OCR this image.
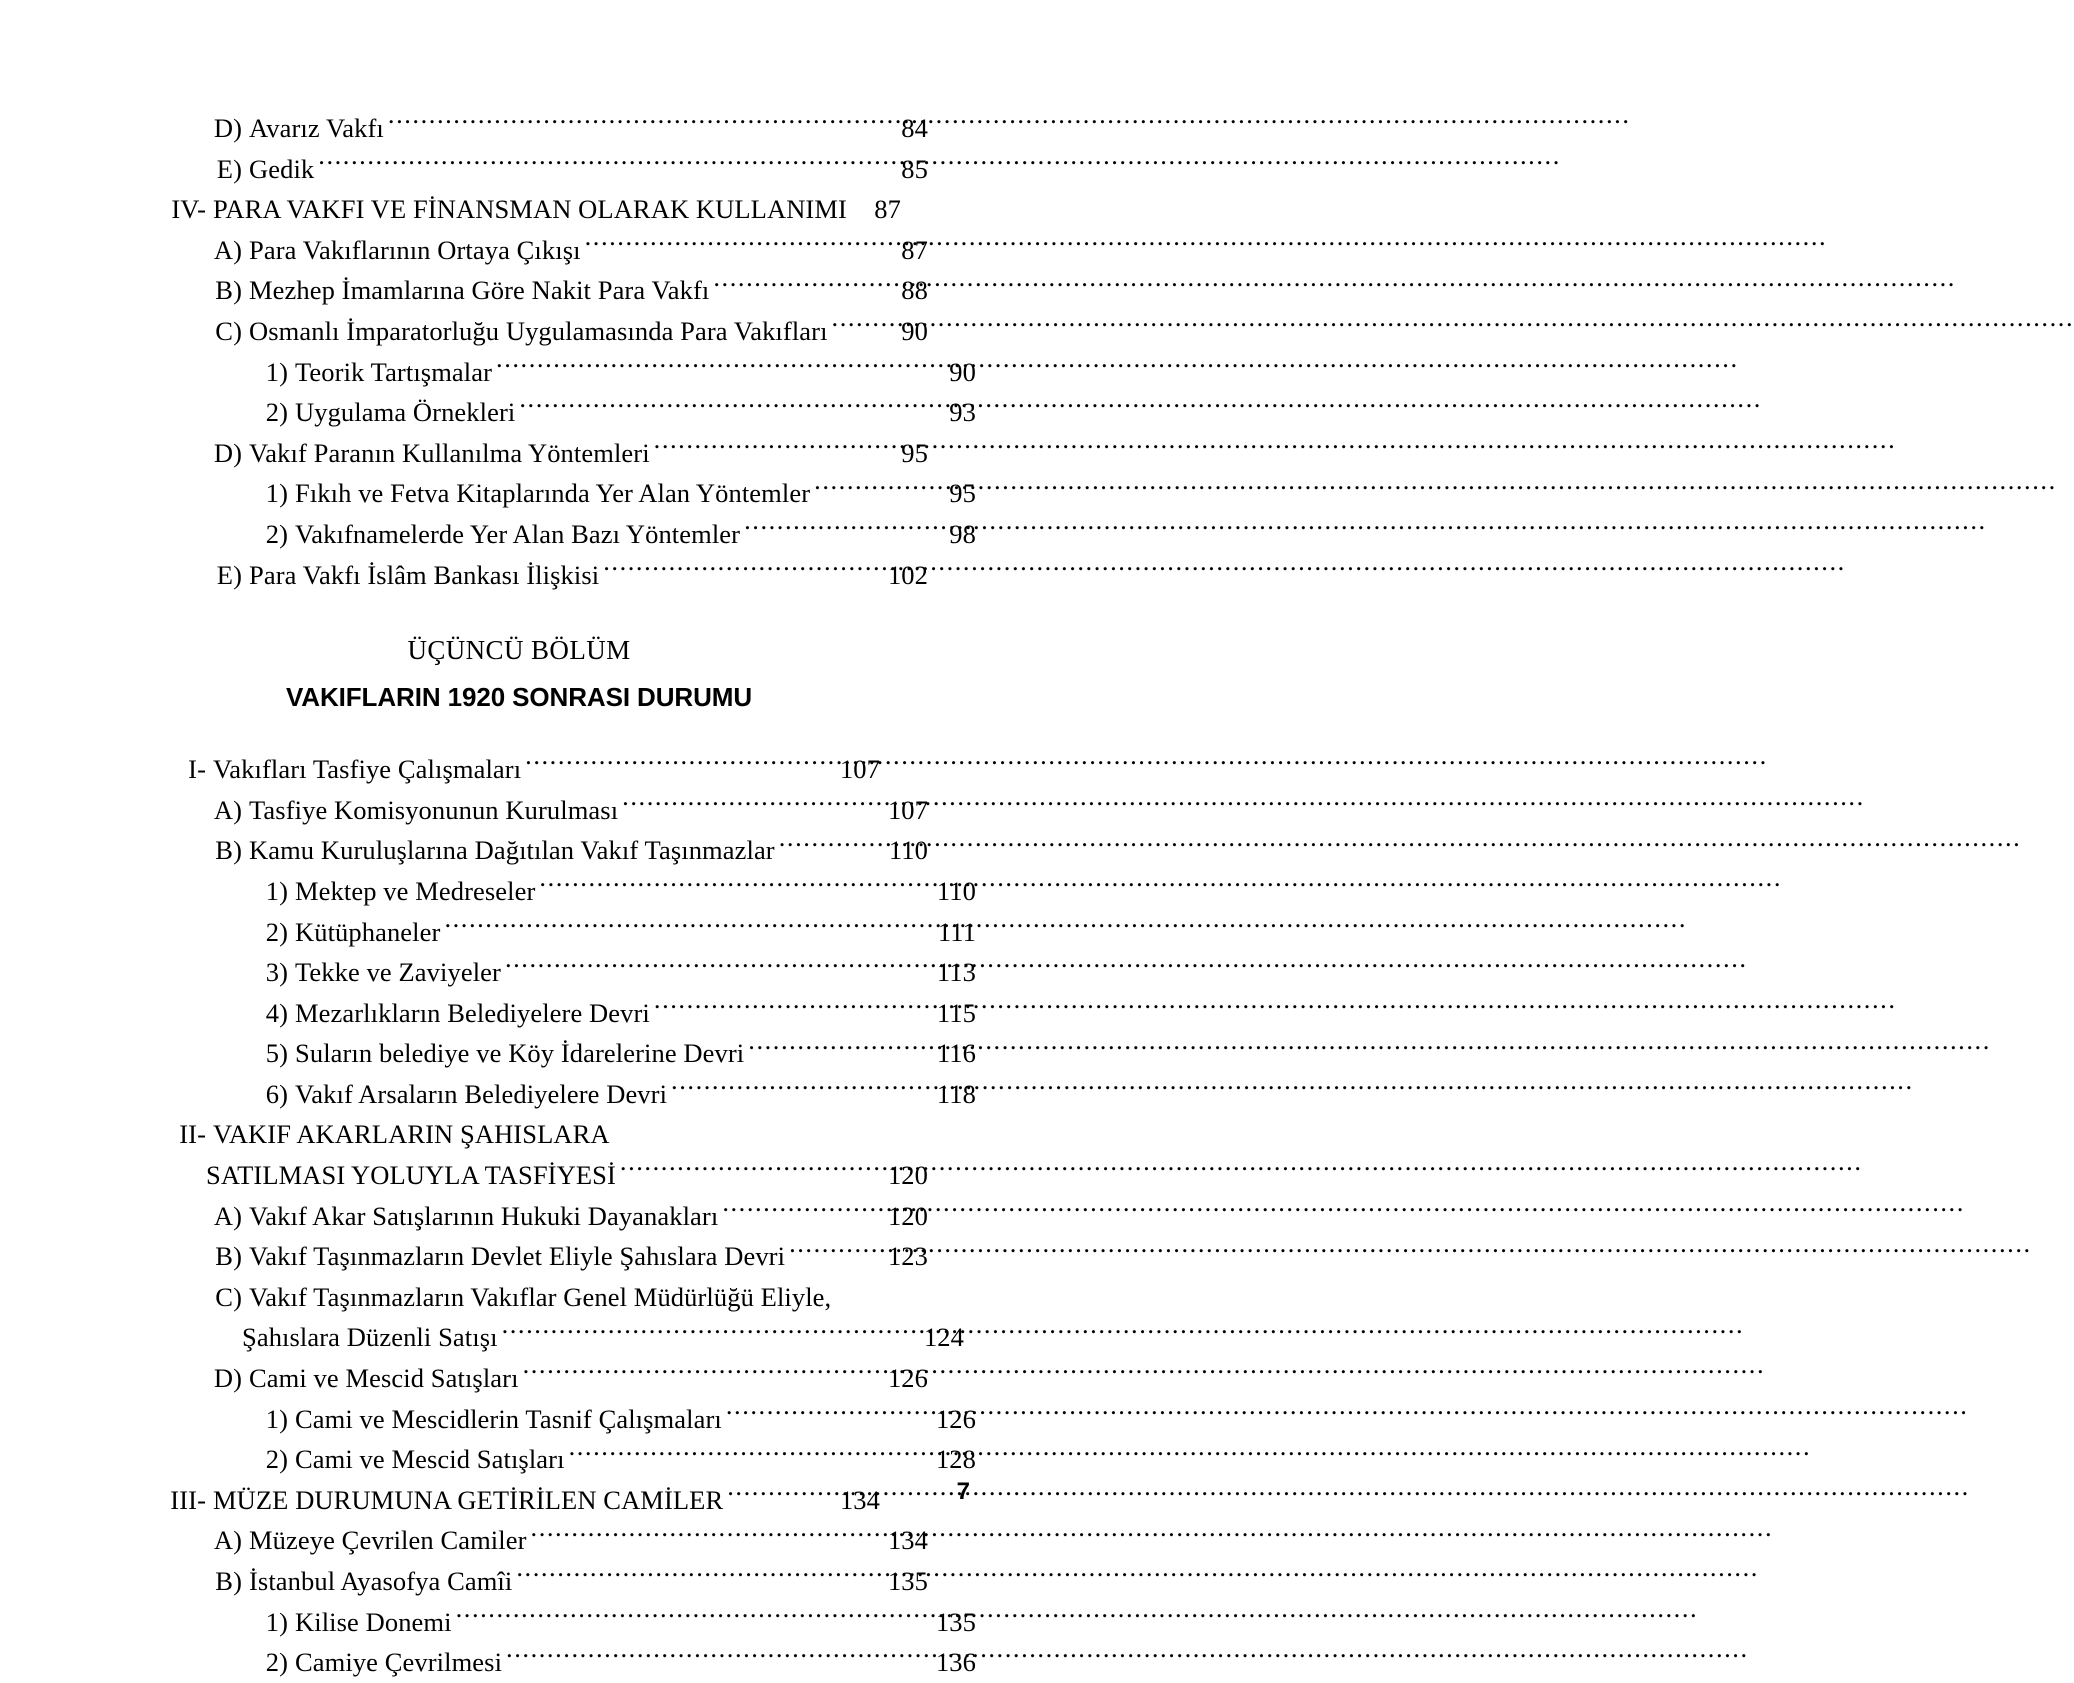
D) Avarız Vakfı .....	84
E) Gedik .....	85
IV- PARA VAKFI VE FİNANSMAN OLARAK KULLANIMI	87
A) Para Vakıflarının Ortaya Çıkışı .....	87
B) Mezhep İmamlarına Göre Nakit Para Vakfı .....	88
C) Osmanlı İmparatorluğu Uygulamasında Para Vakıfları .....	90
1) Teorik Tartışmalar .....	90
2) Uygulama Örnekleri .....	93
D) Vakıf Paranın Kullanılma Yöntemleri .....	95
1) Fıkıh ve Fetva Kitaplarında Yer Alan Yöntemler .....	95
2) Vakıfnamelerde Yer Alan Bazı Yöntemler .....	98
E) Para Vakfı İslâm Bankası İlişkisi .....	102
ÜÇÜNCÜ BÖLÜM
VAKIFLARIN 1920 SONRASI DURUMU
I- Vakıfları Tasfiye Çalışmaları .....	107
A) Tasfiye Komisyonunun Kurulması .....	107
B) Kamu Kuruluşlarına Dağıtılan Vakıf Taşınmazlar .....	110
1) Mektep ve Medreseler .....	110
2) Kütüphaneler .....	111
3) Tekke ve Zaviyeler .....	113
4) Mezarlıkların Belediyelere Devri .....	115
5) Suların belediye ve Köy İdarelerine Devri .....	116
6) Vakıf Arsaların Belediyelere Devri .....	118
II- VAKIF AKARLARIN ŞAHISLARA
SATILMASI YOLUYLA TASFİYESİ .....	120
A) Vakıf Akar Satışlarının Hukuki Dayanakları .....	120
B) Vakıf Taşınmazların Devlet Eliyle Şahıslara Devri .....	123
C) Vakıf Taşınmazların Vakıflar Genel Müdürlüğü Eliyle,
Şahıslara Düzenli Satışı .....	124
D) Cami ve Mescid Satışları .....	126
1) Cami ve Mescidlerin Tasnif Çalışmaları .....	126
2) Cami ve Mescid Satışları .....	128
III- MÜZE DURUMUNA GETİRİLEN CAMİLER .....	134
A) Müzeye Çevrilen Camiler .....	134
B) İstanbul Ayasofya Camîi .....	135
1) Kilise Donemi .....	135
2) Camiye Çevrilmesi .....	136
7
